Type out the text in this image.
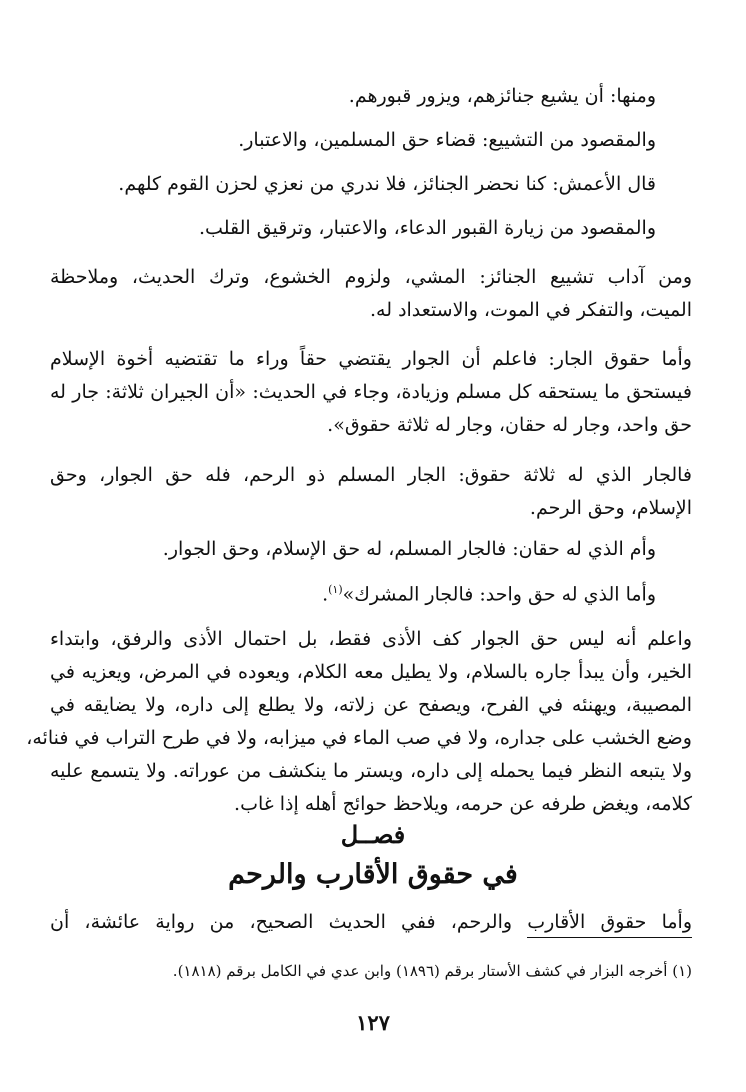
ومنها: أن يشيع جنائزهم، ويزور قبورهم.
والمقصود من التشييع: قضاء حق المسلمين، والاعتبار.
قال الأعمش: كنا نحضر الجنائز، فلا ندري من نعزي لحزن القوم كلهم.
والمقصود من زيارة القبور الدعاء، والاعتبار، وترقيق القلب.
ومن آداب تشييع الجنائز: المشي، ولزوم الخشوع، وترك الحديث، وملاحظة
الميت، والتفكر في الموت، والاستعداد له.
وأما حقوق الجار: فاعلم أن الجوار يقتضي حقاً وراء ما تقتضيه أخوة الإسلام
فيستحق ما يستحقه كل مسلم وزيادة، وجاء في الحديث: «أن الجيران ثلاثة: جار له
حق واحد، وجار له حقان، وجار له ثلاثة حقوق».
فالجار الذي له ثلاثة حقوق: الجار المسلم ذو الرحم، فله حق الجوار، وحق
الإسلام، وحق الرحم.
وأم الذي له حقان: فالجار المسلم، له حق الإسلام، وحق الجوار.
وأما الذي له حق واحد: فالجار المشرك»$^{(١)}$.
واعلم أنه ليس حق الجوار كف الأذى فقط، بل احتمال الأذى والرفق، وابتداء
الخير، وأن يبدأ جاره بالسلام، ولا يطيل معه الكلام، ويعوده في المرض، ويعزيه في
المصيبة، ويهنئه في الفرح، ويصفح عن زلاته، ولا يطلع إلى داره، ولا يضايقه في
وضع الخشب على جداره، ولا في صب الماء في ميزابه، ولا في طرح التراب في فنائه،
ولا يتبعه النظر فيما يحمله إلى داره، ويستر ما ينكشف من عوراته. ولا يتسمع عليه
كلامه، ويغض طرفه عن حرمه، ويلاحظ حوائج أهله إذا غاب.
فصــل
في حقوق الأقارب والرحم
وأما حقوق الأقارب والرحم، ففي الحديث الصحيح، من رواية عائشة، أن
(١) أخرجه البزار في كشف الأستار برقم (١٨٩٦) وابن عدي في الكامل برقم (١٨١٨).
١٢٧
